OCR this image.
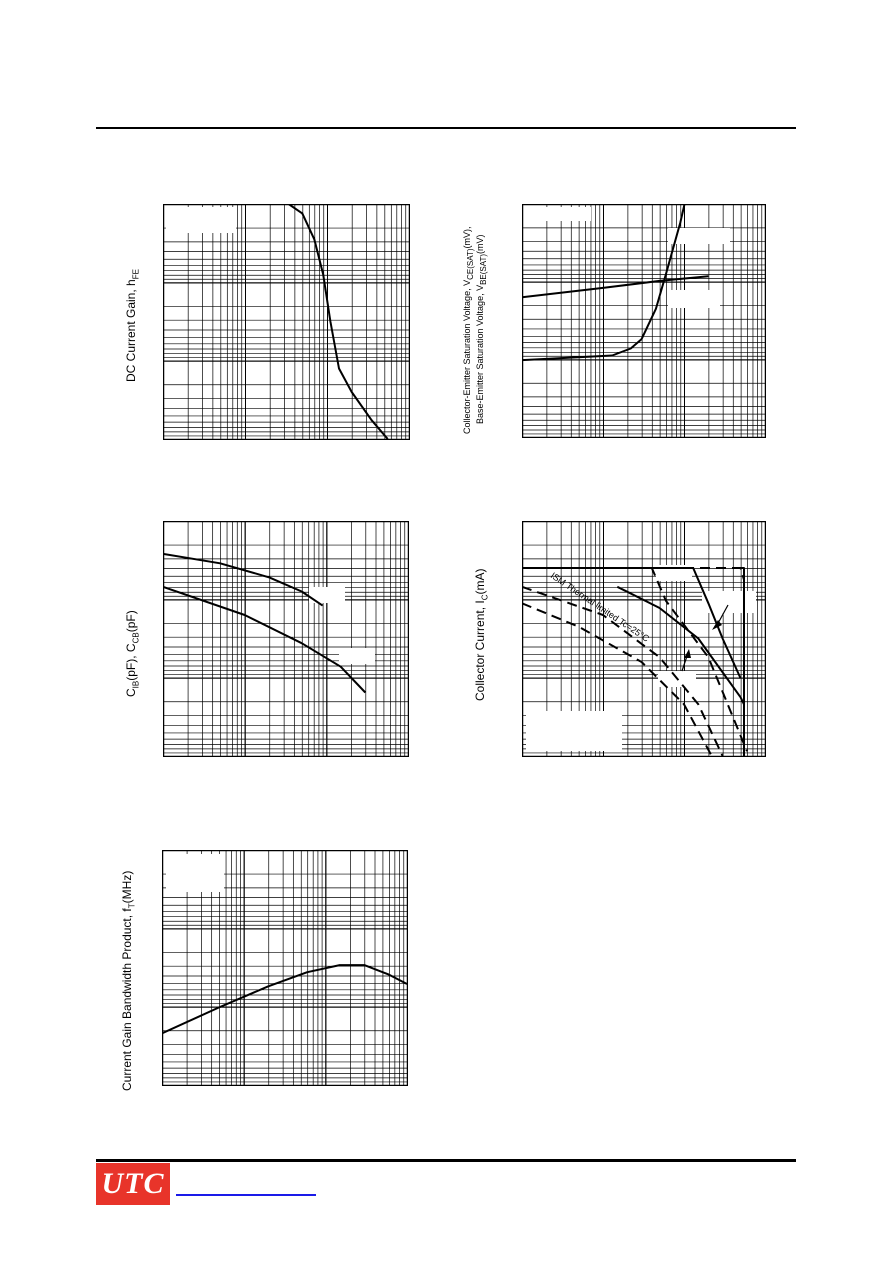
DC Current Gain, $h_{FE}$
Collector-Emitter Saturation Voltage, $V_{CE(SAT)}(mV)$,
Base-Emitter Saturation Voltage, $V_{BE(SAT)}(mV)$
$C_{IB}(pF)$, $C_{CB}(pF)$	ISM Thermal limited Tc=25°C
Collector Current, $I_C(mA)$
Current Gain Bandwidth Product, $f_T(MHz)$
UTC
